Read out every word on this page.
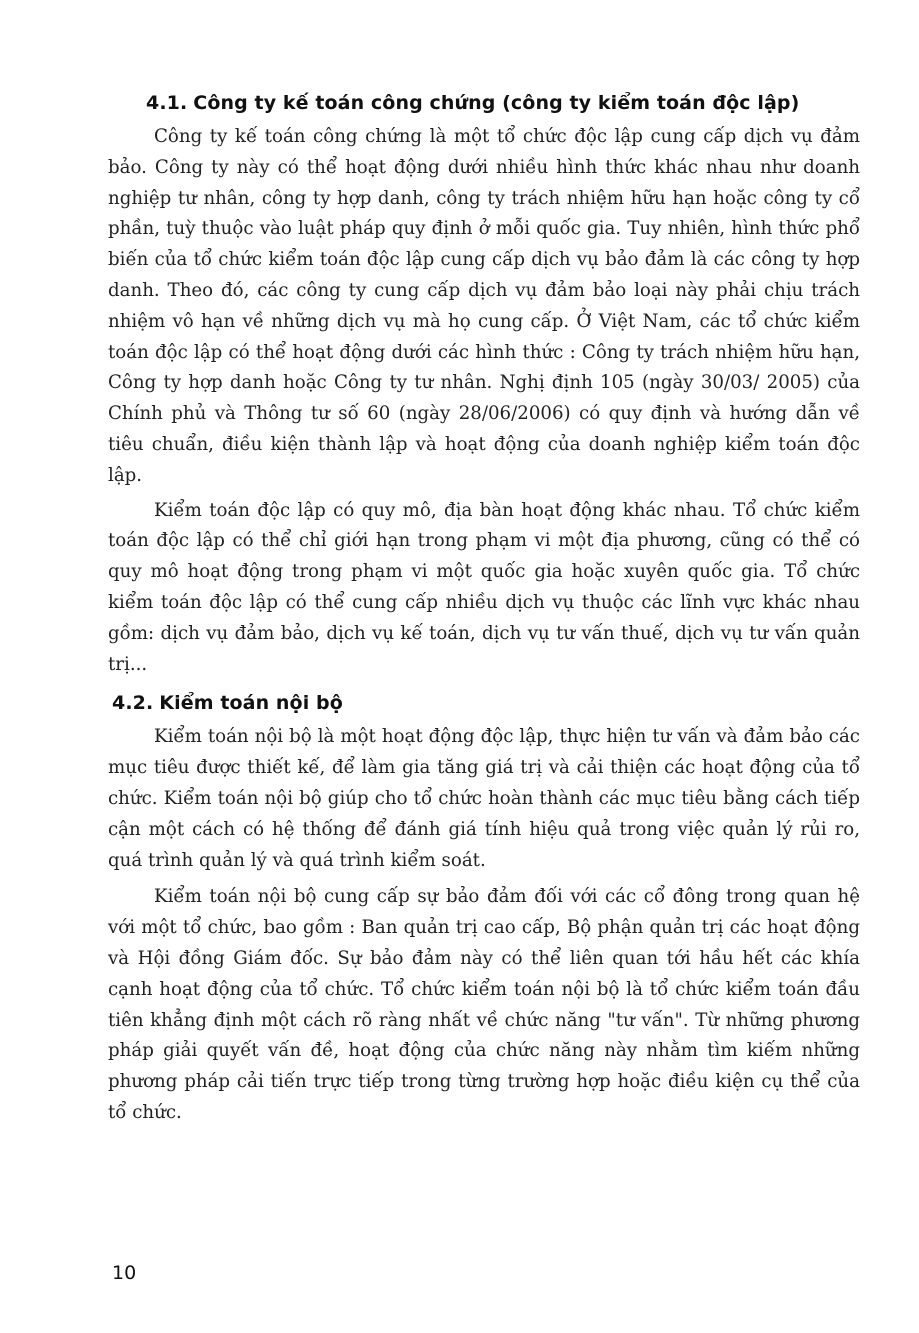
4.1. Công ty kế toán công chứng (công ty kiểm toán độc lập)

Công ty kế toán công chứng là một tổ chức độc lập cung cấp dịch vụ đảm bảo. Công ty này có thể hoạt động dưới nhiều hình thức khác nhau như doanh nghiệp tư nhân, công ty hợp danh, công ty trách nhiệm hữu hạn hoặc công ty cổ phần, tuỳ thuộc vào luật pháp quy định ở mỗi quốc gia. Tuy nhiên, hình thức phổ biến của tổ chức kiểm toán độc lập cung cấp dịch vụ bảo đảm là các công ty hợp danh. Theo đó, các công ty cung cấp dịch vụ đảm bảo loại này phải chịu trách nhiệm vô hạn về những dịch vụ mà họ cung cấp. Ở Việt Nam, các tổ chức kiểm toán độc lập có thể hoạt động dưới các hình thức : Công ty trách nhiệm hữu hạn, Công ty hợp danh hoặc Công ty tư nhân. Nghị định 105 (ngày 30/03/ 2005) của Chính phủ và Thông tư số 60 (ngày 28/06/2006) có quy định và hướng dẫn về tiêu chuẩn, điều kiện thành lập và hoạt động của doanh nghiệp kiểm toán độc lập.

Kiểm toán độc lập có quy mô, địa bàn hoạt động khác nhau. Tổ chức kiểm toán độc lập có thể chỉ giới hạn trong phạm vi một địa phương, cũng có thể có quy mô hoạt động trong phạm vi một quốc gia hoặc xuyên quốc gia. Tổ chức kiểm toán độc lập có thể cung cấp nhiều dịch vụ thuộc các lĩnh vực khác nhau gồm: dịch vụ đảm bảo, dịch vụ kế toán, dịch vụ tư vấn thuế, dịch vụ tư vấn quản trị...

4.2. Kiểm toán nội bộ

Kiểm toán nội bộ là một hoạt động độc lập, thực hiện tư vấn và đảm bảo các mục tiêu được thiết kế, để làm gia tăng giá trị và cải thiện các hoạt động của tổ chức. Kiểm toán nội bộ giúp cho tổ chức hoàn thành các mục tiêu bằng cách tiếp cận một cách có hệ thống để đánh giá tính hiệu quả trong việc quản lý rủi ro, quá trình quản lý và quá trình kiểm soát.

Kiểm toán nội bộ cung cấp sự bảo đảm đối với các cổ đông trong quan hệ với một tổ chức, bao gồm : Ban quản trị cao cấp, Bộ phận quản trị các hoạt động và Hội đồng Giám đốc. Sự bảo đảm này có thể liên quan tới hầu hết các khía cạnh hoạt động của tổ chức. Tổ chức kiểm toán nội bộ là tổ chức kiểm toán đầu tiên khẳng định một cách rõ ràng nhất về chức năng "tư vấn". Từ những phương pháp giải quyết vấn đề, hoạt động của chức năng này nhằm tìm kiếm những phương pháp cải tiến trực tiếp trong từng trường hợp hoặc điều kiện cụ thể của tổ chức.

10
